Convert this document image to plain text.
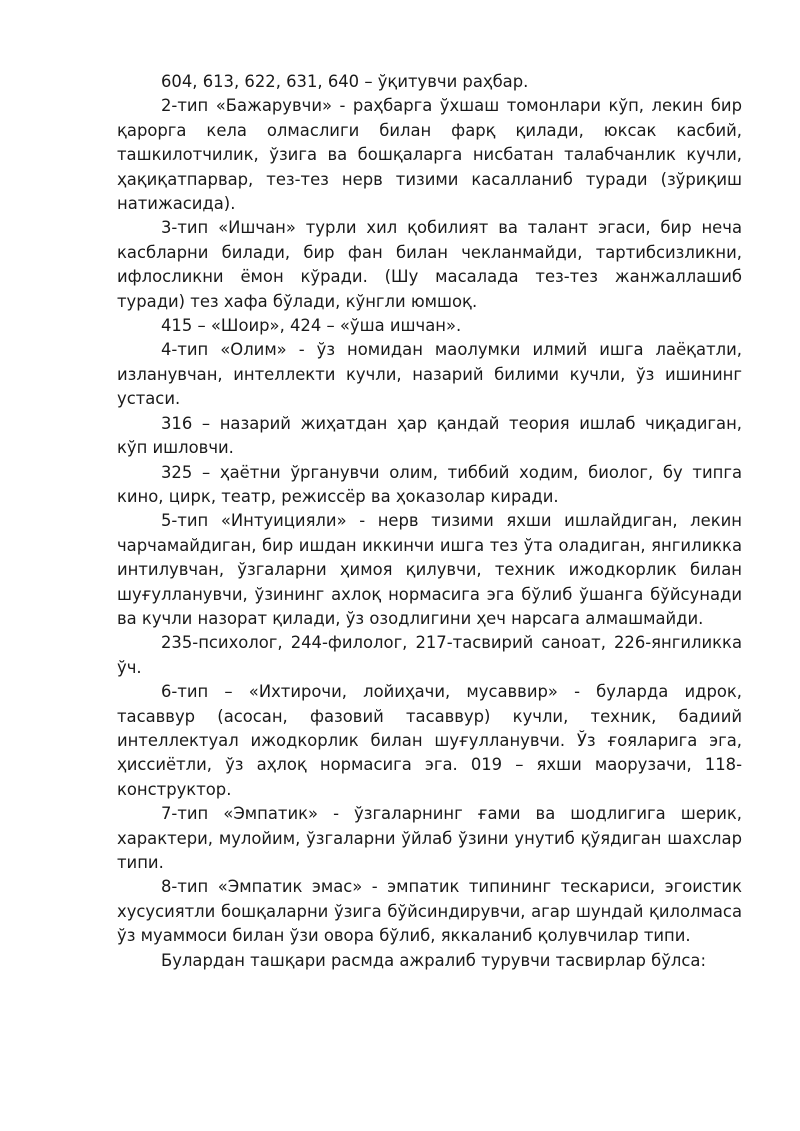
604, 613, 622, 631, 640 – ўқитувчи раҳбар.

2-тип «Бажарувчи» - раҳбарга ўхшаш томонлари кўп, лекин бир қарорга кела олмаслиги билан фарқ қилади, юксак касбий, ташкилотчилик, ўзига ва бошқаларга нисбатан талабчанлик кучли, ҳақиқатпарвар, тез-тез нерв тизими касалланиб туради (зўриқиш натижасида).

3-тип «Ишчан» турли хил қобилият ва талант эгаси, бир неча касбларни билади, бир фан билан чекланмайди, тартибсизликни, ифлосликни ёмон кўради. (Шу масалада тез-тез жанжаллашиб туради) тез хафа бўлади, кўнгли юмшоқ.

415 – «Шоир», 424 – «ўша ишчан».

4-тип «Олим» - ўз номидан маолумки илмий ишга лаёқатли, изланувчан, интеллекти кучли, назарий билими кучли, ўз ишининг устаси.

316 – назарий жиҳатдан ҳар қандай теория ишлаб чиқадиган, кўп ишловчи.

325 – ҳаётни ўрганувчи олим, тиббий ходим, биолог, бу типга кино, цирк, театр, режиссёр ва ҳоказолар киради.

5-тип «Интуицияли» - нерв тизими яхши ишлайдиган, лекин чарчамайдиган, бир ишдан иккинчи ишга тез ўта оладиган, янгиликка интилувчан, ўзгаларни ҳимоя қилувчи, техник ижодкорлик билан шуғулланувчи, ўзининг ахлоқ нормасига эга бўлиб ўшанга бўйсунади ва кучли назорат қилади, ўз озодлигини ҳеч нарсага алмашмайди.

235-психолог, 244-филолог, 217-тасвирий саноат, 226-янгиликка ўч.

6-тип – «Ихтирочи, лойиҳачи, мусаввир» - буларда идрок, тасаввур (асосан, фазовий тасаввур) кучли, техник, бадиий интеллектуал ижодкорлик билан шуғулланувчи. Ўз ғояларига эга, ҳиссиётли, ўз аҳлоқ нормасига эга. 019 – яхши маорузачи, 118-конструктор.

7-тип «Эмпатик» - ўзгаларнинг ғами ва шодлигига шерик, характери, мулойим, ўзгаларни ўйлаб ўзини унутиб қўядиган шахслар типи.

8-тип «Эмпатик эмас» - эмпатик типининг тескариси, эгоистик хусусиятли бошқаларни ўзига бўйсиндирувчи, агар шундай қилолмаса ўз муаммоси билан ўзи овора бўлиб, яккаланиб қолувчилар типи.

Булардан ташқари расмда ажралиб турувчи тасвирлар бўлса:
